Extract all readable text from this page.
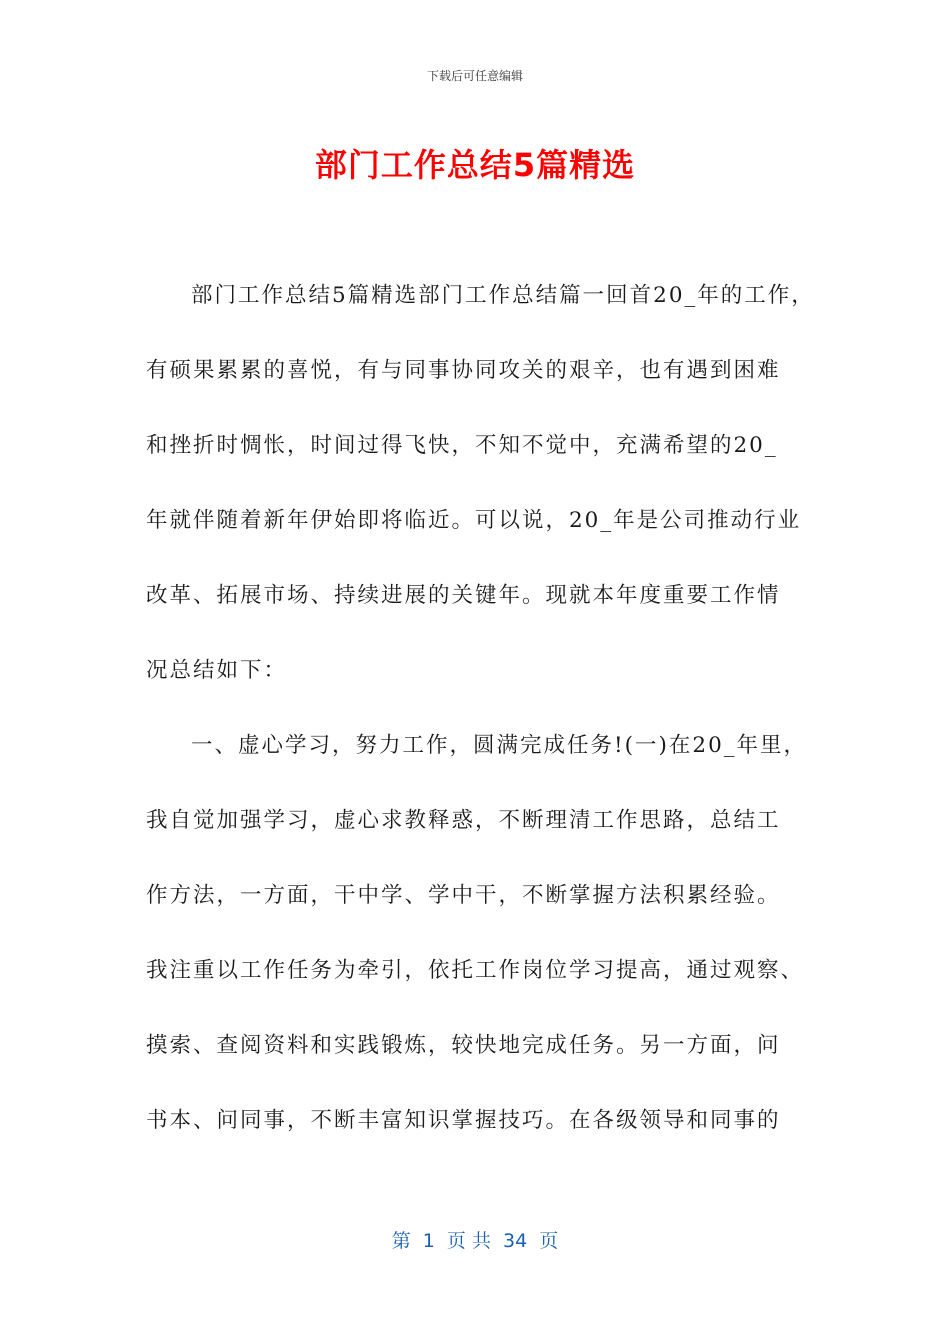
下载后可任意编辑
部门工作总结5篇精选
部门工作总结5篇精选部门工作总结篇一回首20_年的工作，
有硕果累累的喜悦，有与同事协同攻关的艰辛，也有遇到困难
和挫折时惆怅，时间过得飞快，不知不觉中，充满希望的20_
年就伴随着新年伊始即将临近。可以说，20_年是公司推动行业
改革、拓展市场、持续进展的关键年。现就本年度重要工作情
况总结如下：
一、虚心学习，努力工作，圆满完成任务!(一)在20_年里，
我自觉加强学习，虚心求教释惑，不断理清工作思路，总结工
作方法，一方面，干中学、学中干，不断掌握方法积累经验。
我注重以工作任务为牵引，依托工作岗位学习提高，通过观察、
摸索、查阅资料和实践锻炼，较快地完成任务。另一方面，问
书本、问同事，不断丰富知识掌握技巧。在各级领导和同事的
第  1  页 共  34  页
